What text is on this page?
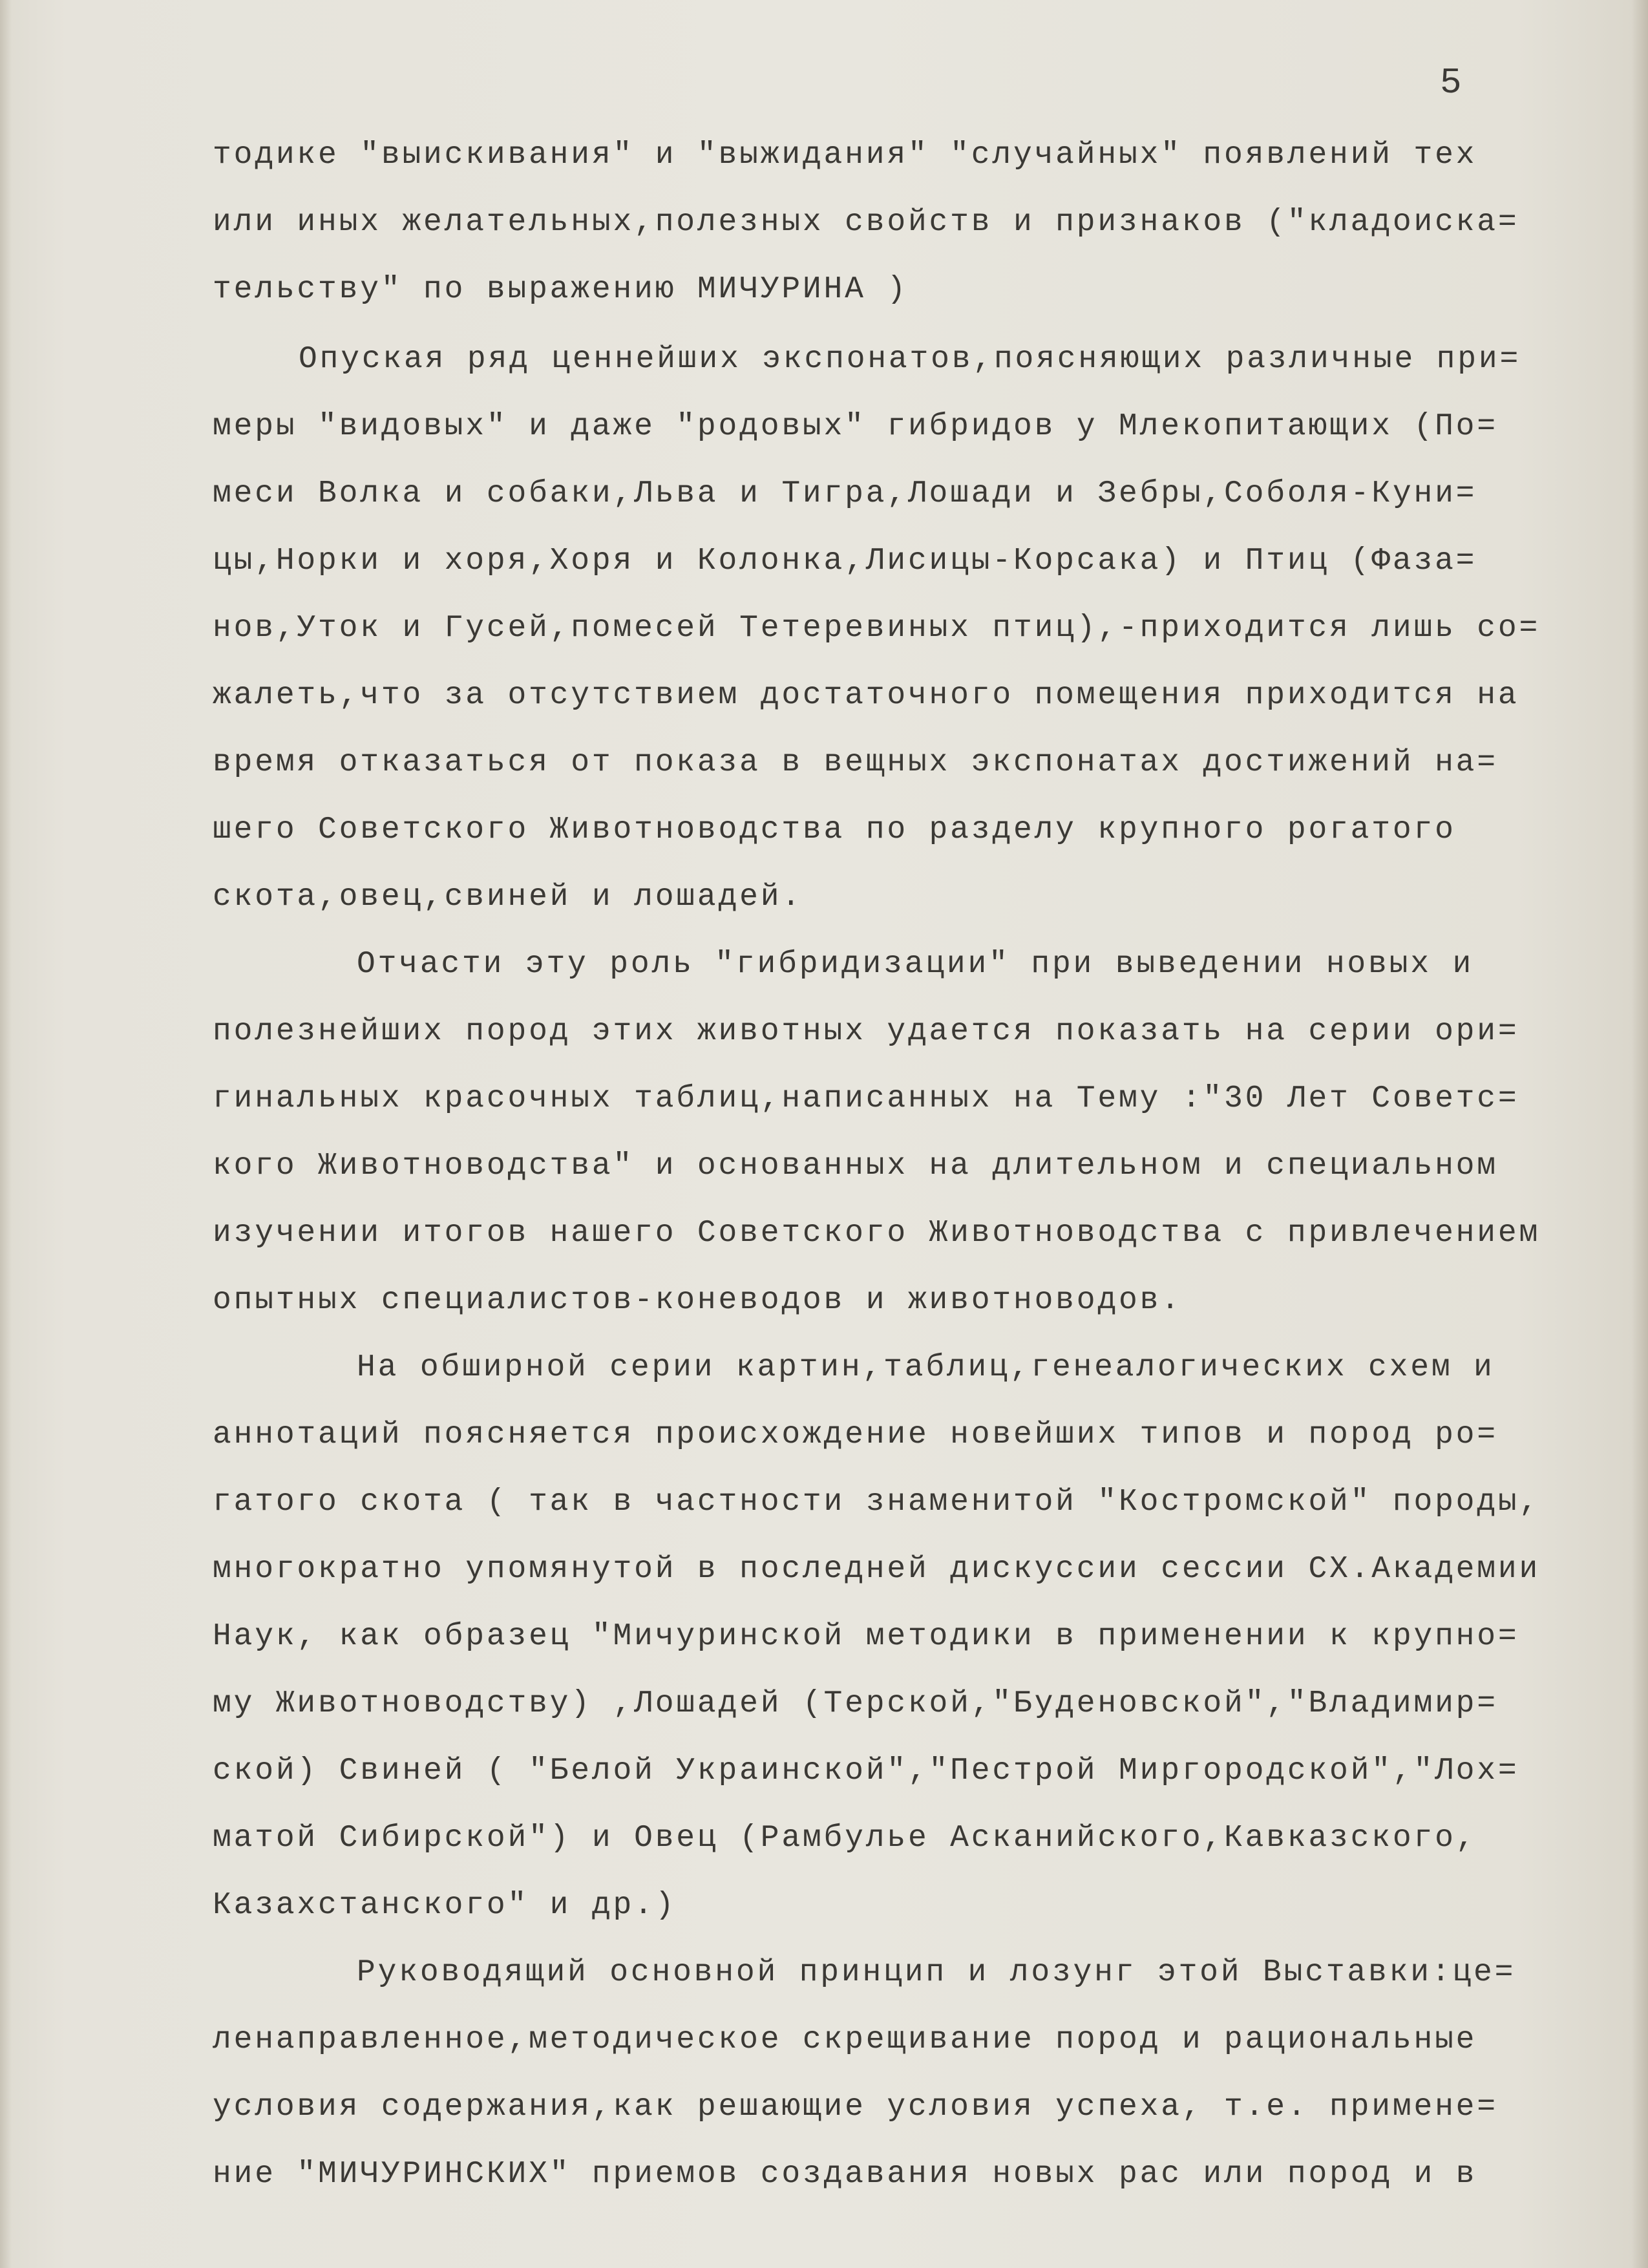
5

тодике "выискивания" и "выжидания" "случайных" появлений тех

или иных желательных,полезных свойств и признаков ("кладоиска=

тельству" по выражению МИЧУРИНА )

Опуская ряд ценнейших экспонатов,поясняющих различные при=

меры "видовых" и даже "родовых" гибридов у Млекопитающих (По=

меси Волка и собаки,Льва и Тигра,Лошади и Зебры,Соболя-Куни=

цы,Норки и хоря,Хоря и Колонка,Лисицы-Корсака) и Птиц (Фаза=

нов,Уток и Гусей,помесей Тетеревиных птиц),-приходится лишь со=

жалеть,что за отсутствием достаточного помещения приходится на

время отказаться от показа в вещных экспонатах достижений на=

шего Советского Животноводства по разделу крупного рогатого

скота,овец,свиней и лошадей.

Отчасти эту роль "гибридизации" при выведении новых и

полезнейших пород этих животных удается показать на серии ори=

гинальных красочных таблиц,написанных на Тему :"30 Лет Советс=

кого Животноводства" и основанных на длительном и специальном

изучении итогов нашего Советского Животноводства с привлечением

опытных специалистов-коневодов и животноводов.

На обширной серии картин,таблиц,генеалогических схем и

аннотаций поясняется происхождение новейших типов и пород ро=

гатого скота ( так в частности знаменитой "Костромской" породы,

многократно упомянутой в последней дискуссии сессии СХ.Академии

Наук, как образец "Мичуринской методики в применении к крупно=

му Животноводству) ,Лошадей (Терской,"Буденовской","Владимир=

ской) Свиней ( "Белой Украинской","Пестрой Миргородской","Лох=

матой Сибирской") и Овец (Рамбулье Асканийского,Кавказского,

Казахстанского" и др.)

Руководящий основной принцип и лозунг этой Выставки:це=

ленаправленное,методическое скрещивание пород и рациональные

условия содержания,как решающие условия успеха, т.е. примене=

ние "МИЧУРИНСКИХ" приемов создавания новых рас или пород и в
